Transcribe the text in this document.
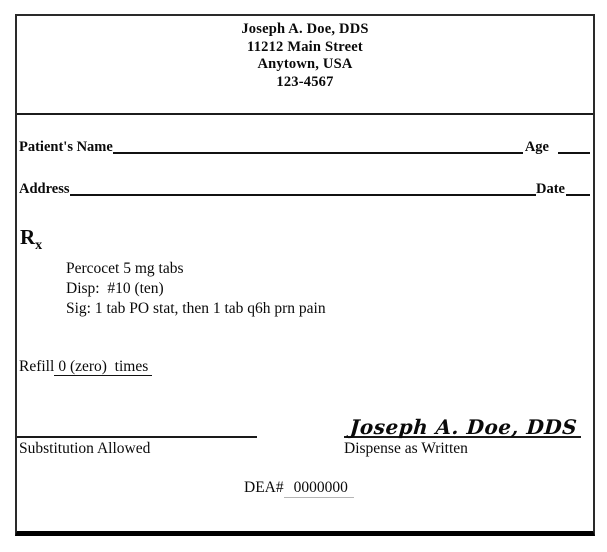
Joseph A. Doe, DDS
11212 Main Street
Anytown, USA
123-4567
Patient's Name	Age
Address	Date
$R_x$
Percocet 5 mg tabs
Disp:  #10 (ten)
Sig: 1 tab PO stat, then 1 tab q6h prn pain
Refill 0 (zero)  times
Joseph A. Doe, DDS
Substitution Allowed	Dispense as Written
DEA# 0000000
